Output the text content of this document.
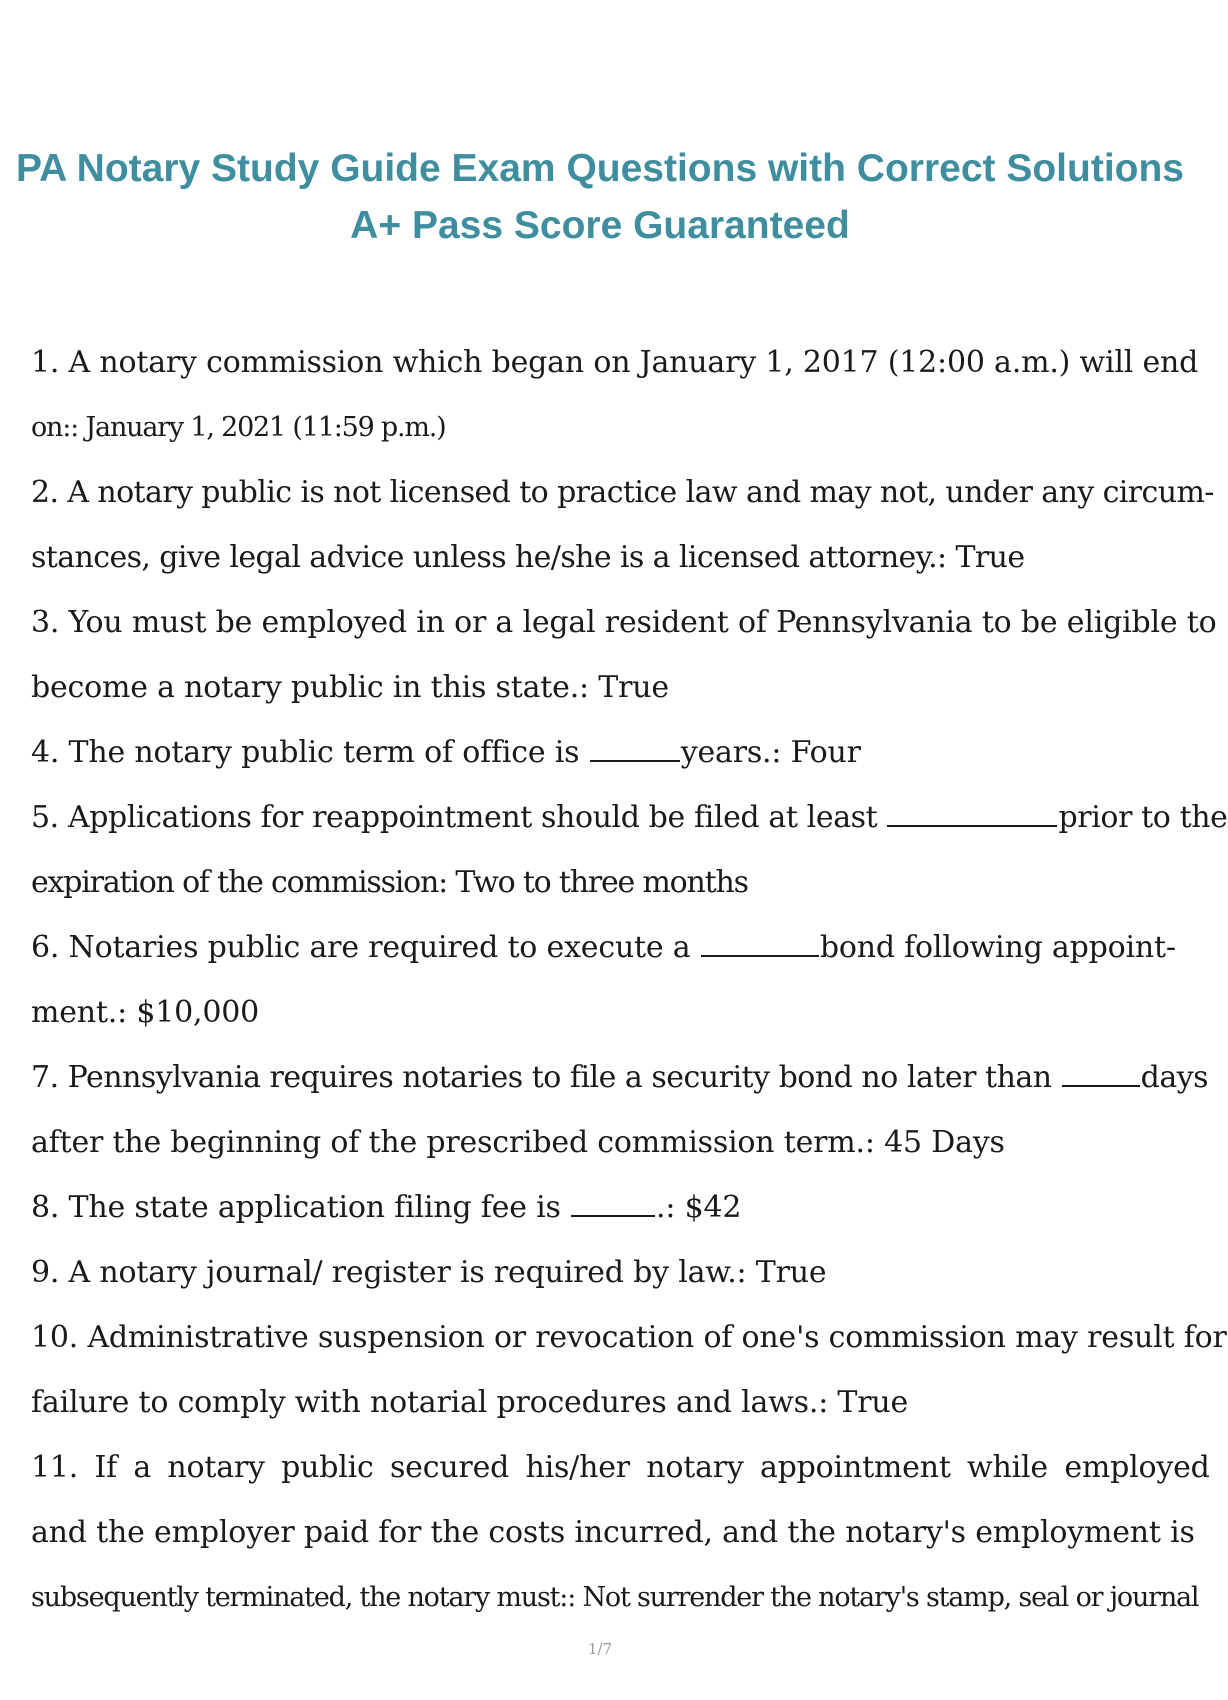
PA Notary Study Guide Exam Questions with Correct Solutions
A+ Pass Score Guaranteed
1. A notary commission which began on January 1, 2017 (12:00 a.m.) will end
on:: January 1, 2021 (11:59 p.m.)
2. A notary public is not licensed to practice law and may not, under any circum-
stances, give legal advice unless he/she is a licensed attorney.: True
3. You must be employed in or a legal resident of Pennsylvania to be eligible to
become a notary public in this state.: True
4. The notary public term of office is	years.: Four
5. Applications for reappointment should be filed at least	prior to the
expiration of the commission: Two to three months
6. Notaries public are required to execute a	bond following appoint-
ment.: $10,000
7. Pennsylvania requires notaries to file a security bond no later than	days
after the beginning of the prescribed commission term.: 45 Days
8. The state application filing fee is	.: $42
9. A notary journal/ register is required by law.: True
10. Administrative suspension or revocation of one's commission may result for
failure to comply with notarial procedures and laws.: True
11. If a notary public secured his/her notary appointment while employed
and the employer paid for the costs incurred, and the notary's employment is
subsequently terminated, the notary must:: Not surrender the notary's stamp, seal or journal
1/7
